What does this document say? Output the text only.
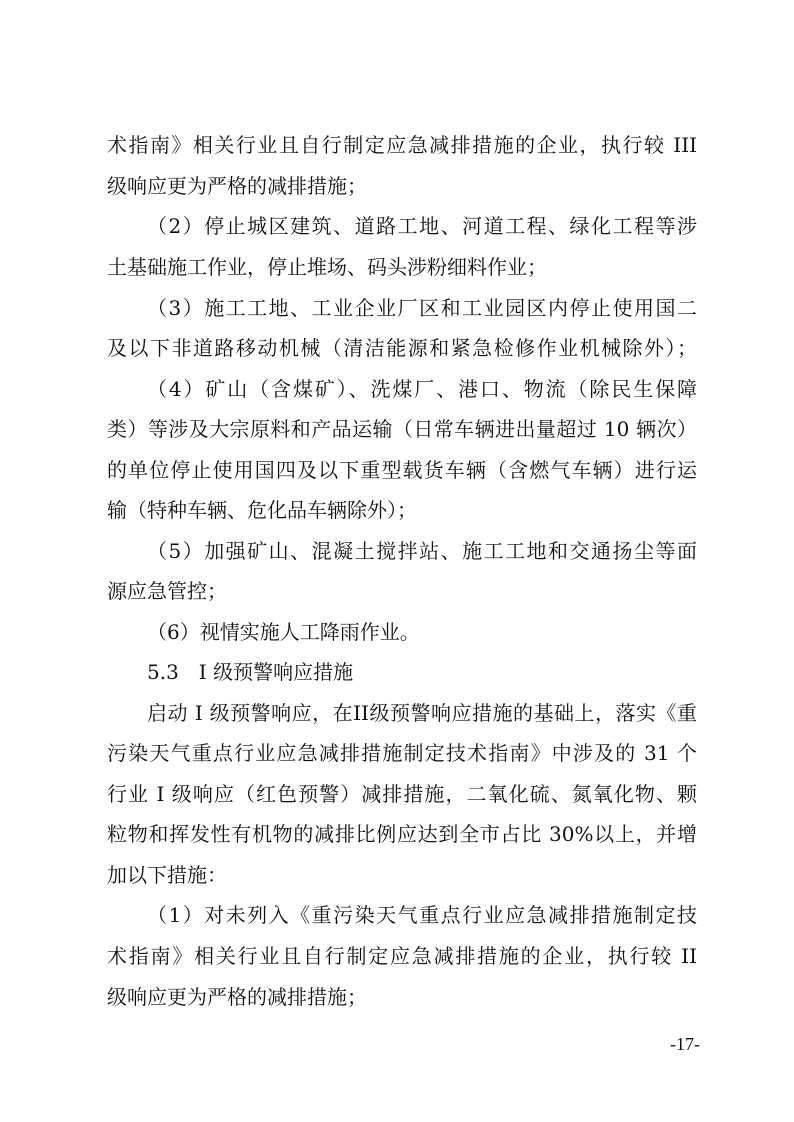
术指南》相关行业且自行制定应急减排措施的企业，执行较 III
级响应更为严格的减排措施；
（2）停止城区建筑、道路工地、河道工程、绿化工程等涉
土基础施工作业，停止堆场、码头涉粉细料作业；
（3）施工工地、工业企业厂区和工业园区内停止使用国二
及以下非道路移动机械（清洁能源和紧急检修作业机械除外）；
（4）矿山（含煤矿）、洗煤厂、港口、物流（除民生保障
类）等涉及大宗原料和产品运输（日常车辆进出量超过 10 辆次）
的单位停止使用国四及以下重型载货车辆（含燃气车辆）进行运
输（特种车辆、危化品车辆除外）；
（5）加强矿山、混凝土搅拌站、施工工地和交通扬尘等面
源应急管控；
（6）视情实施人工降雨作业。
5.3　I 级预警响应措施
启动 I 级预警响应，在II级预警响应措施的基础上，落实《重
污染天气重点行业应急减排措施制定技术指南》中涉及的 31 个
行业 I 级响应（红色预警）减排措施，二氧化硫、氮氧化物、颗
粒物和挥发性有机物的减排比例应达到全市占比 30%以上，并增
加以下措施：
（1）对未列入《重污染天气重点行业应急减排措施制定技
术指南》相关行业且自行制定应急减排措施的企业，执行较 II
级响应更为严格的减排措施；
-17-
